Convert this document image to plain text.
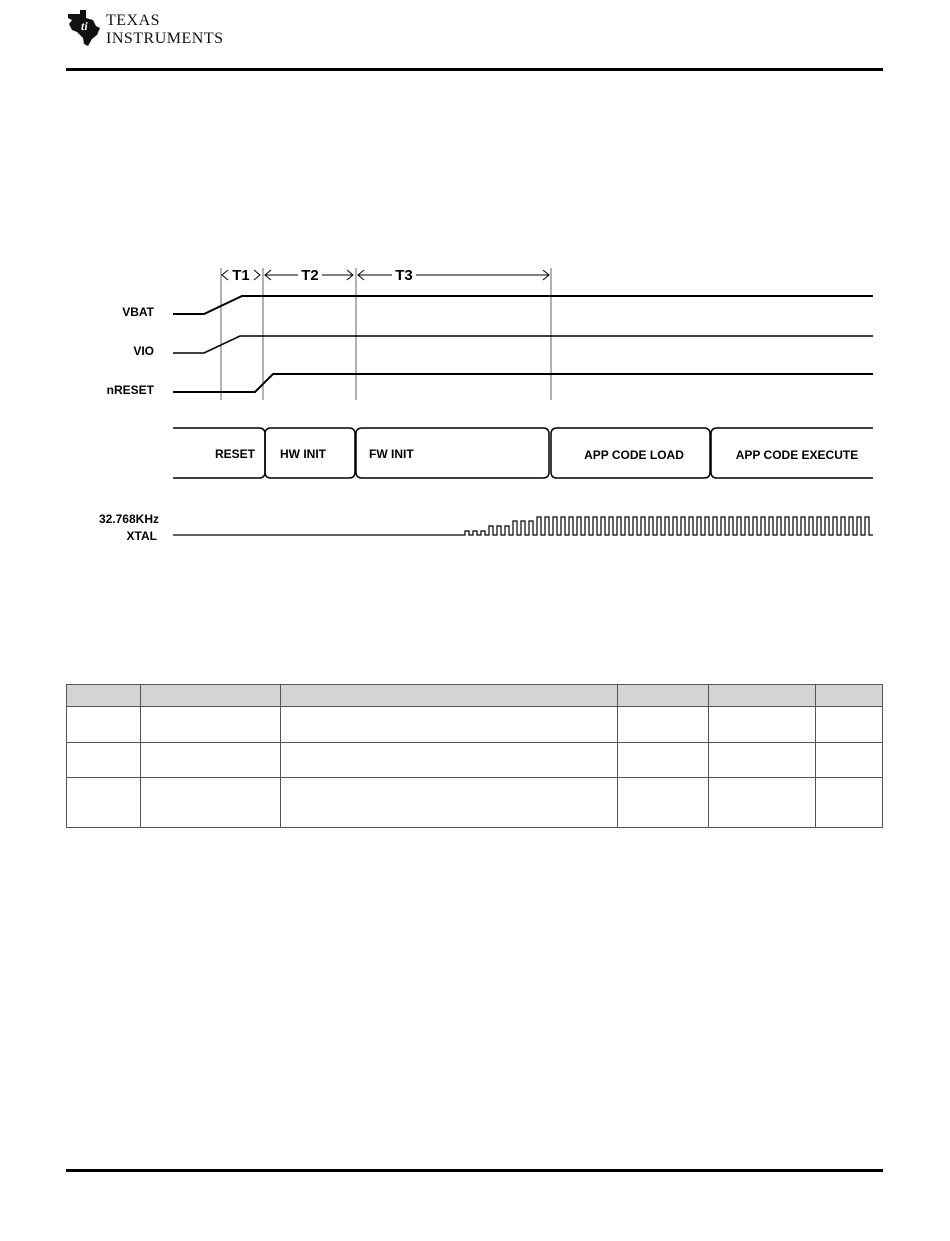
ti TEXAS
INSTRUMENTS
T1	T2	T3
VBAT
VIO
nRESET
RESET HW INIT	FW INIT	APP CODE LOAD	APP CODE EXECUTE
32.768KHz
XTAL
